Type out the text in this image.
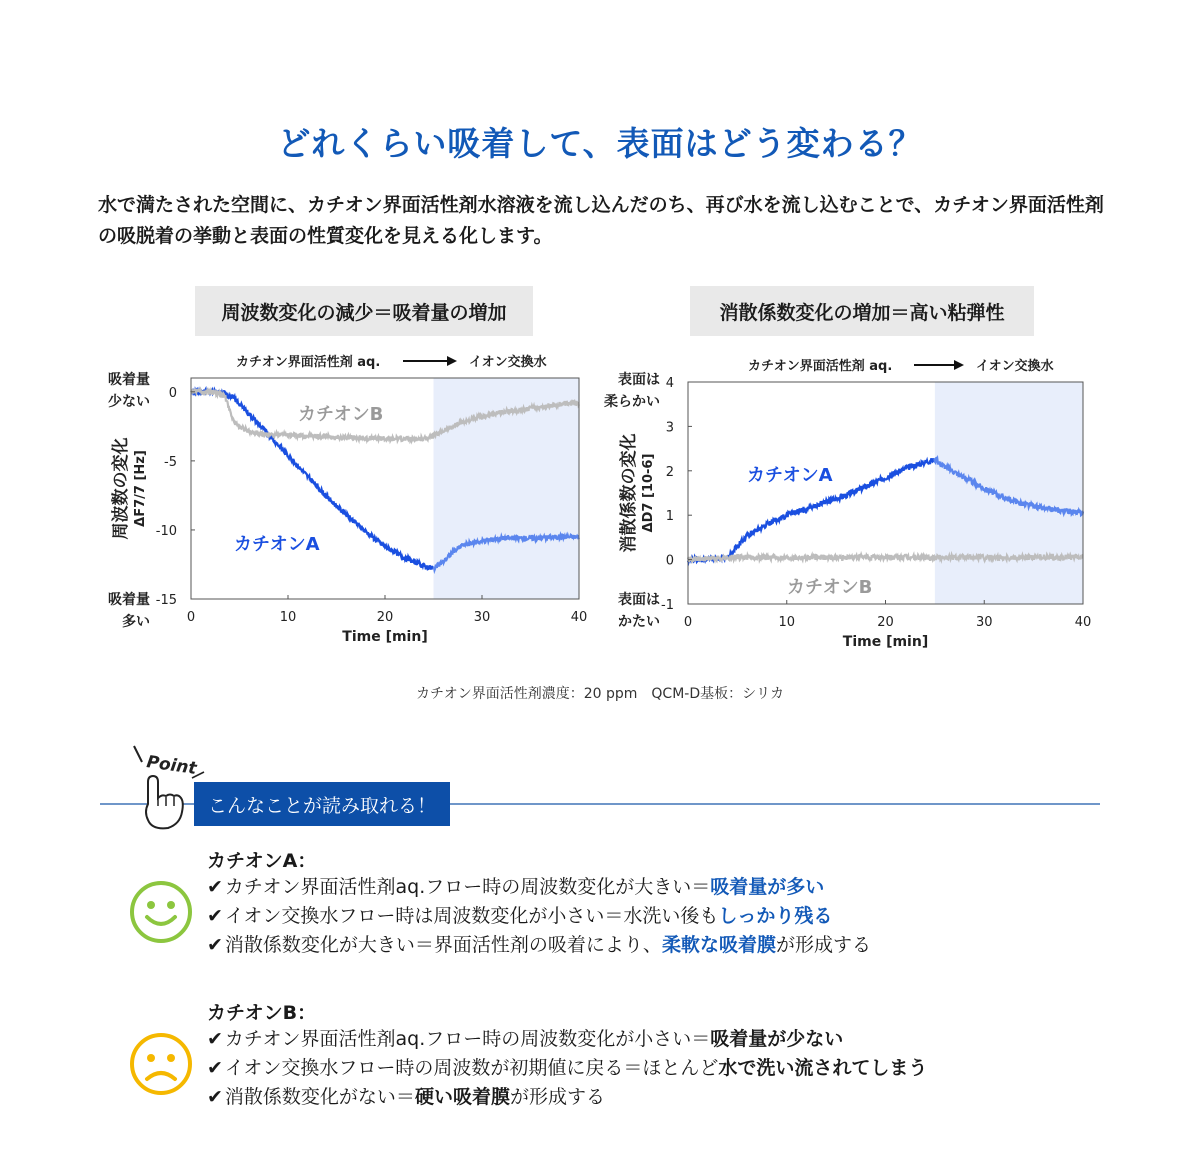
どれくらい吸着して、表面はどう変わる？
水で満たされた空間に、カチオン界面活性剤水溶液を流し込んだのち、再び水を流し込むことで、カチオン界面活性剤の吸脱着の挙動と表面の性質変化を見える化します。
周波数変化の減少＝吸着量の増加	消散係数変化の増加＝高い粘弾性
カチオンA
カチオンB
0	10	20	30	40
Time [min]
0
-5
-10
-15
周波数の変化 ΔF7/7 [Hz]
吸着量
少ない
吸着量
多い
カチオン界面活性剤 aq.	イオン交換水
カチオンA
カチオンB
0	10	20	30	40
Time [min]
4
3
2
1
0
-1
消散係数の変化 ΔD7 [10-6]
表面は
柔らかい
表面は
かたい
カチオン界面活性剤 aq.	イオン交換水
カチオン界面活性剤濃度：20 ppm　QCM-D基板：シリカ
Point
こんなことが読み取れる！
カチオンA：
✔ カチオン界面活性剤aq.フロー時の周波数変化が大きい＝吸着量が多い
✔ イオン交換水フロー時は周波数変化が小さい＝水洗い後もしっかり残る
✔ 消散係数変化が大きい＝界面活性剤の吸着により、柔軟な吸着膜が形成する
カチオンB：
✔ カチオン界面活性剤aq.フロー時の周波数変化が小さい＝吸着量が少ない
✔ イオン交換水フロー時の周波数が初期値に戻る＝ほとんど水で洗い流されてしまう
✔ 消散係数変化がない＝硬い吸着膜が形成する
